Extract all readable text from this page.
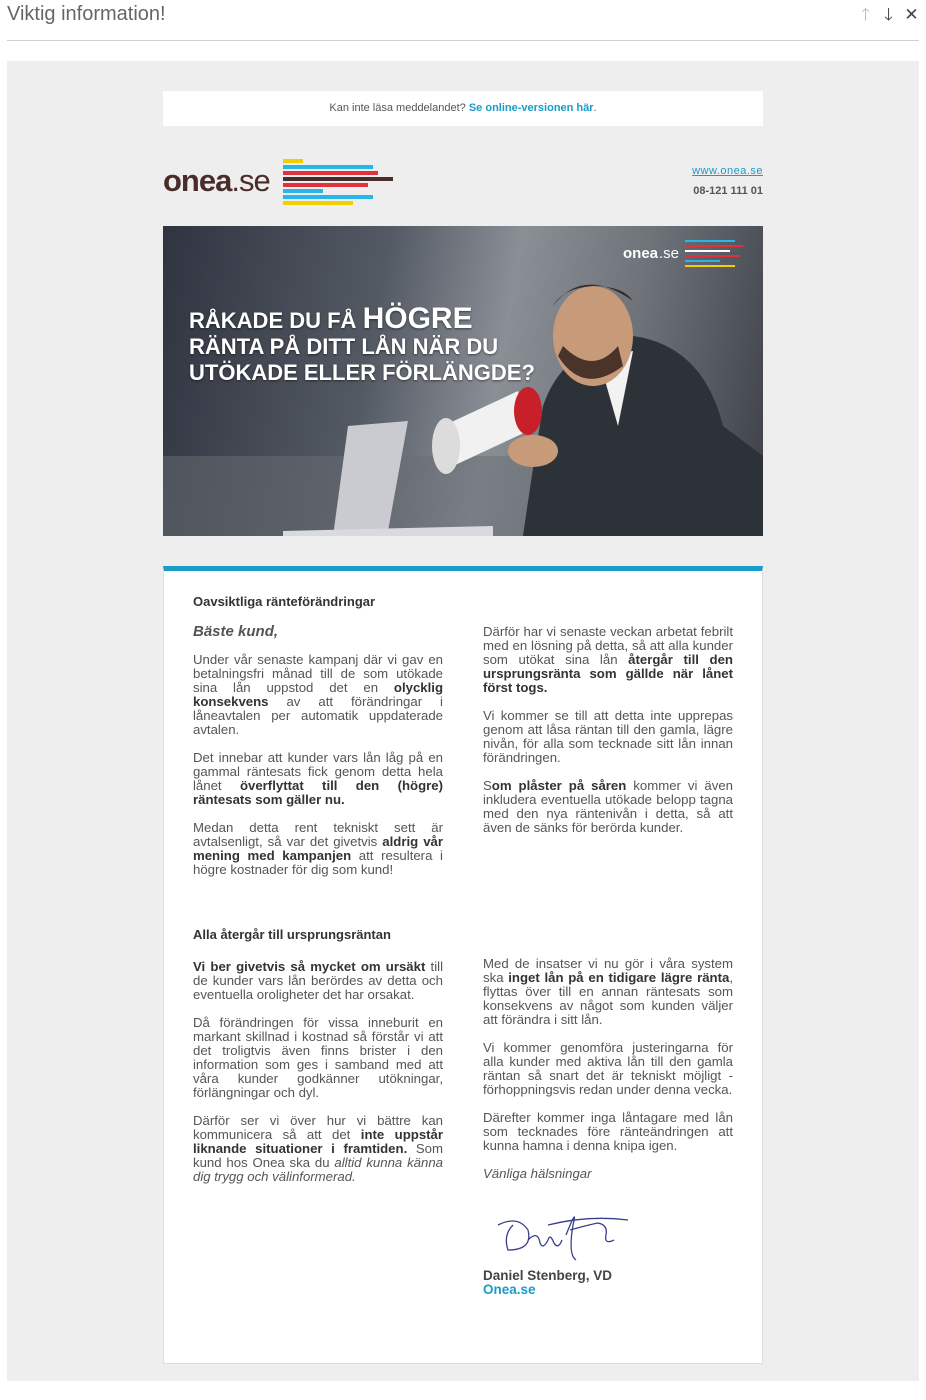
Viktig information!	🡑 🡓 ✕
Kan inte läsa meddelandet? Se online-versionen här.
onea.se	www.onea.se
08-121 111 01
onea .se
RÅKADE DU FÅ HÖGRE
RÄNTA PÅ DITT LÅN NÄR DU
UTÖKADE ELLER FÖRLÄNGDE?

Oavsiktliga ränteförändringar

Bäste kund,

Under vår senaste kampanj där vi gav en betalningsfri månad till de som utökade sina lån uppstod det en olycklig konsekvens av att förändringar i låneavtalen per automatik uppdaterade avtalen.

Det innebar att kunder vars lån låg på en gammal räntesats fick genom detta hela lånet överflyttat till den (högre) räntesats som gäller nu.

Medan detta rent tekniskt sett är avtalsenligt, så var det givetvis aldrig vår mening med kampanjen att resultera i högre kostnader för dig som kund!

Därför har vi senaste veckan arbetat febrilt med en lösning på detta, så att alla kunder som utökat sina lån återgår till den ursprungsränta som gällde när lånet först togs.

Vi kommer se till att detta inte upprepas genom att låsa räntan till den gamla, lägre nivån, för alla som tecknade sitt lån innan förändringen.

Som plåster på såren kommer vi även inkludera eventuella utökade belopp tagna med den nya räntenivån i detta, så att även de sänks för berörda kunder.

Alla återgår till ursprungsräntan

Vi ber givetvis så mycket om ursäkt till de kunder vars lån berördes av detta och eventuella oroligheter det har orsakat.

Då förändringen för vissa inneburit en markant skillnad i kostnad så förstår vi att det troligtvis även finns brister i den information som ges i samband med att våra kunder godkänner utökningar, förlängningar och dyl.

Därför ser vi över hur vi bättre kan kommunicera så att det inte uppstår liknande situationer i framtiden. Som kund hos Onea ska du alltid kunna känna dig trygg och välinformerad.

Med de insatser vi nu gör i våra system ska inget lån på en tidigare lägre ränta, flyttas över till en annan räntesats som konsekvens av något som kunden väljer att förändra i sitt lån.

Vi kommer genomföra justeringarna för alla kunder med aktiva lån till den gamla räntan så snart det är tekniskt möjligt - förhoppningsvis redan under denna vecka.

Därefter kommer inga låntagare med lån som tecknades före ränteändringen att kunna hamna i denna knipa igen.

Vänliga hälsningar

Daniel Stenberg, VD
Onea.se
